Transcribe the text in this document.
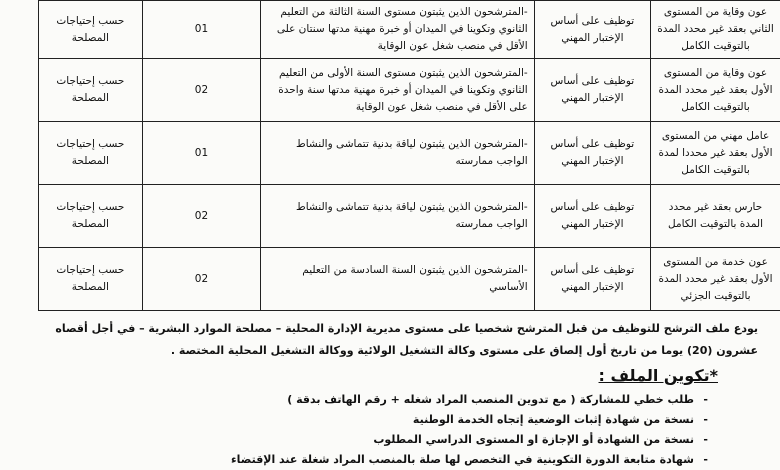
عون وقاية من المستوى الثاني بعقد غير محدد المدة بالتوقيت الكامل	توظيف على أساس الإختبار المهني	-المترشحون الذين يثبتون مستوى السنة الثالثة من التعليم الثانوي وتكوينا في الميدان أو خبرة مهنية مدتها سنتان على الأقل في منصب شغل عون الوقاية	01	حسب إحتياجات المصلحة
عون وقاية من المستوى الأول بعقد غير محدد المدة بالتوقيت الكامل	توظيف على أساس الإختبار المهني	-المترشحون الذين يثبتون مستوى السنة الأولى من التعليم الثانوي وتكوينا في الميدان أو خبرة مهنية مدتها سنة واحدة على الأقل في منصب شغل عون الوقاية	02	حسب إحتياجات المصلحة
عامل مهني من المستوى الأول بعقد غير محددا لمدة بالتوقيت الكامل	توظيف على أساس الإختبار المهني	-المترشحون الذين يثبتون لياقة بدنية تتماشى والنشاط الواجب ممارسته	01	حسب إحتياجات المصلحة
حارس بعقد غير محدد المدة بالتوقيت الكامل	توظيف على أساس الإختبار المهني	-المترشحون الذين يثبتون لياقة بدنية تتماشى والنشاط الواجب ممارسته	02	حسب إحتياجات المصلحة
عون خدمة من المستوى الأول بعقد غير محدد المدة بالتوقيت الجزئي	توظيف على أساس الإختبار المهني	-المترشحون الذين يثبتون السنة السادسة من التعليم الأساسي	02	حسب إحتياجات المصلحة
يودع ملف الترشح للتوظيف من قبل المترشح شخصيا على مستوى مديرية الإدارة المحلية – مصلحة الموارد البشرية – في أجل أقصاه
عشرون (20) يوما من تاريخ أول إلصاق على مستوى وكالة التشغيل الولائية ووكالة التشغيل المحلية المختصة .
*تكوين الملف :
- طلب خطي للمشاركة ( مع تدوين المنصب المراد شغله + رقم الهاتف بدقة )
- نسخة من شهادة إثبات الوضعية إتجاه الخدمة الوطنية
- نسخة من الشهادة أو الإجازة او المستوى الدراسي المطلوب
- شهادة متابعة الدورة التكوينية في التخصص لها صلة بالمنصب المراد شغلة عند الإقتضاء
